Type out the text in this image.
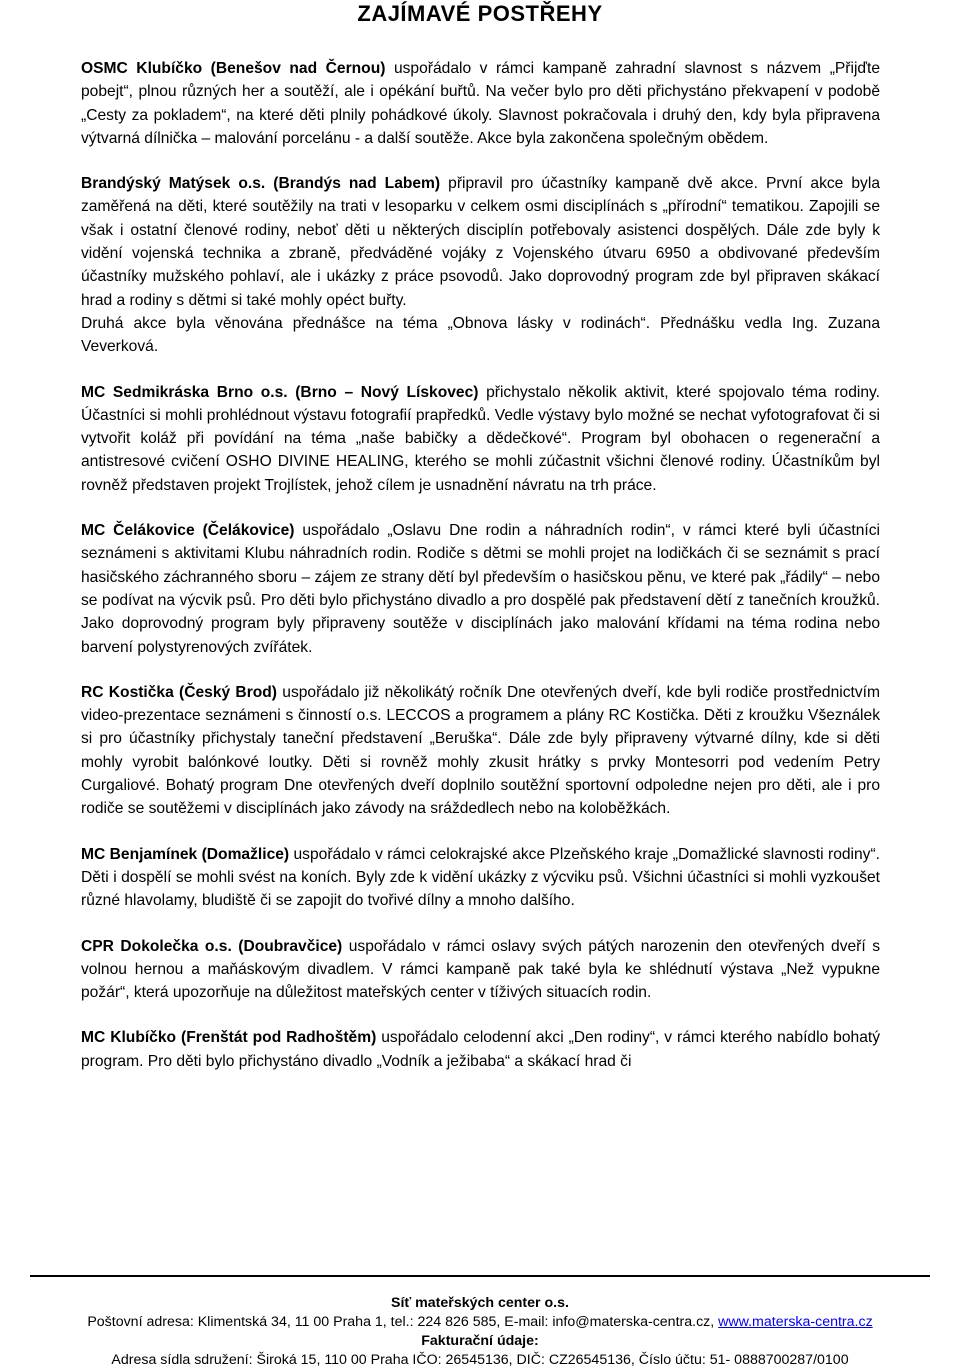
ZAJÍMAVÉ POSTŘEHY

OSMC Klubíčko (Benešov nad Černou) uspořádalo v rámci kampaně zahradní slavnost s názvem „Přijďte pobejt“, plnou různých her a soutěží, ale i opékání buřtů. Na večer bylo pro děti přichystáno překvapení v podobě „Cesty za pokladem“, na které děti plnily pohádkové úkoly. Slavnost pokračovala i druhý den, kdy byla připravena výtvarná dílnička – malování porcelánu - a další soutěže. Akce byla zakončena společným obědem.

Brandýský Matýsek o.s. (Brandýs nad Labem) připravil pro účastníky kampaně dvě akce. První akce byla zaměřená na děti, které soutěžily na trati v lesoparku v celkem osmi disciplínách s „přírodní“ tematikou. Zapojili se však i ostatní členové rodiny, neboť děti u některých disciplín potřebovaly asistenci dospělých. Dále zde byly k vidění vojenská technika a zbraně, předváděné vojáky z Vojenského útvaru 6950 a obdivované především účastníky mužského pohlaví, ale i ukázky z práce psovodů. Jako doprovodný program zde byl připraven skákací hrad a rodiny s dětmi si také mohly opéct buřty.

Druhá akce byla věnována přednášce na téma „Obnova lásky v rodinách“. Přednášku vedla Ing. Zuzana Veverková.

MC Sedmikráska Brno o.s. (Brno – Nový Lískovec) přichystalo několik aktivit, které spojovalo téma rodiny. Účastníci si mohli prohlédnout výstavu fotografií prapředků. Vedle výstavy bylo možné se nechat vyfotografovat či si vytvořit koláž při povídání na téma „naše babičky a dědečkové“. Program byl obohacen o regenerační a antistresové cvičení OSHO DIVINE HEALING, kterého se mohli zúčastnit všichni členové rodiny. Účastníkům byl rovněž představen projekt Trojlístek, jehož cílem je usnadnění návratu na trh práce.

MC Čelákovice (Čelákovice) uspořádalo „Oslavu Dne rodin a náhradních rodin“, v rámci které byli účastníci seznámeni s aktivitami Klubu náhradních rodin. Rodiče s dětmi se mohli projet na lodičkách či se seznámit s prací hasičského záchranného sboru – zájem ze strany dětí byl především o hasičskou pěnu, ve které pak „řádily“ – nebo se podívat na výcvik psů. Pro děti bylo přichystáno divadlo a pro dospělé pak představení dětí z tanečních kroužků. Jako doprovodný program byly připraveny soutěže v disciplínách jako malování křídami na téma rodina nebo barvení polystyrenových zvířátek.

RC Kostička (Český Brod) uspořádalo již několikátý ročník Dne otevřených dveří, kde byli rodiče prostřednictvím video-prezentace seznámeni s činností o.s. LECCOS a programem a plány RC Kostička. Děti z kroužku Všeználek si pro účastníky přichystaly taneční představení „Beruška“. Dále zde byly připraveny výtvarné dílny, kde si děti mohly vyrobit balónkové loutky. Děti si rovněž mohly zkusit hrátky s prvky Montesorri pod vedením Petry Curgaliové. Bohatý program Dne otevřených dveří doplnilo soutěžní sportovní odpoledne nejen pro děti, ale i pro rodiče se soutěžemi v disciplínách jako závody na sráždedlech nebo na koloběžkách.

MC Benjamínek (Domažlice) uspořádalo v rámci celokrajské akce Plzeňského kraje „Domažlické slavnosti rodiny“. Děti i dospělí se mohli svést na koních. Byly zde k vidění ukázky z výcviku psů. Všichni účastníci si mohli vyzkoušet různé hlavolamy, bludiště či se zapojit do tvořivé dílny a mnoho dalšího.

CPR Dokolečka o.s. (Doubravčice) uspořádalo v rámci oslavy svých pátých narozenin den otevřených dveří s volnou hernou a maňáskovým divadlem. V rámci kampaně pak také byla ke shlédnutí výstava „Než vypukne požár“, která upozorňuje na důležitost mateřských center v tíživých situacích rodin.

MC Klubíčko (Frenštát pod Radhoštěm) uspořádalo celodenní akci „Den rodiny“, v rámci kterého nabídlo bohatý program. Pro děti bylo přichystáno divadlo „Vodník a ježibaba“ a skákací hrad či

Síť mateřských center o.s.
Poštovní adresa: Klimentská 34, 11 00 Praha 1, tel.: 224 826 585, E-mail: info@materska-centra.cz, www.materska-centra.cz
Fakturační údaje:
Adresa sídla sdružení: Široká 15, 110 00 Praha IČO: 26545136, DIČ: CZ26545136, Číslo účtu: 51- 0888700287/0100
